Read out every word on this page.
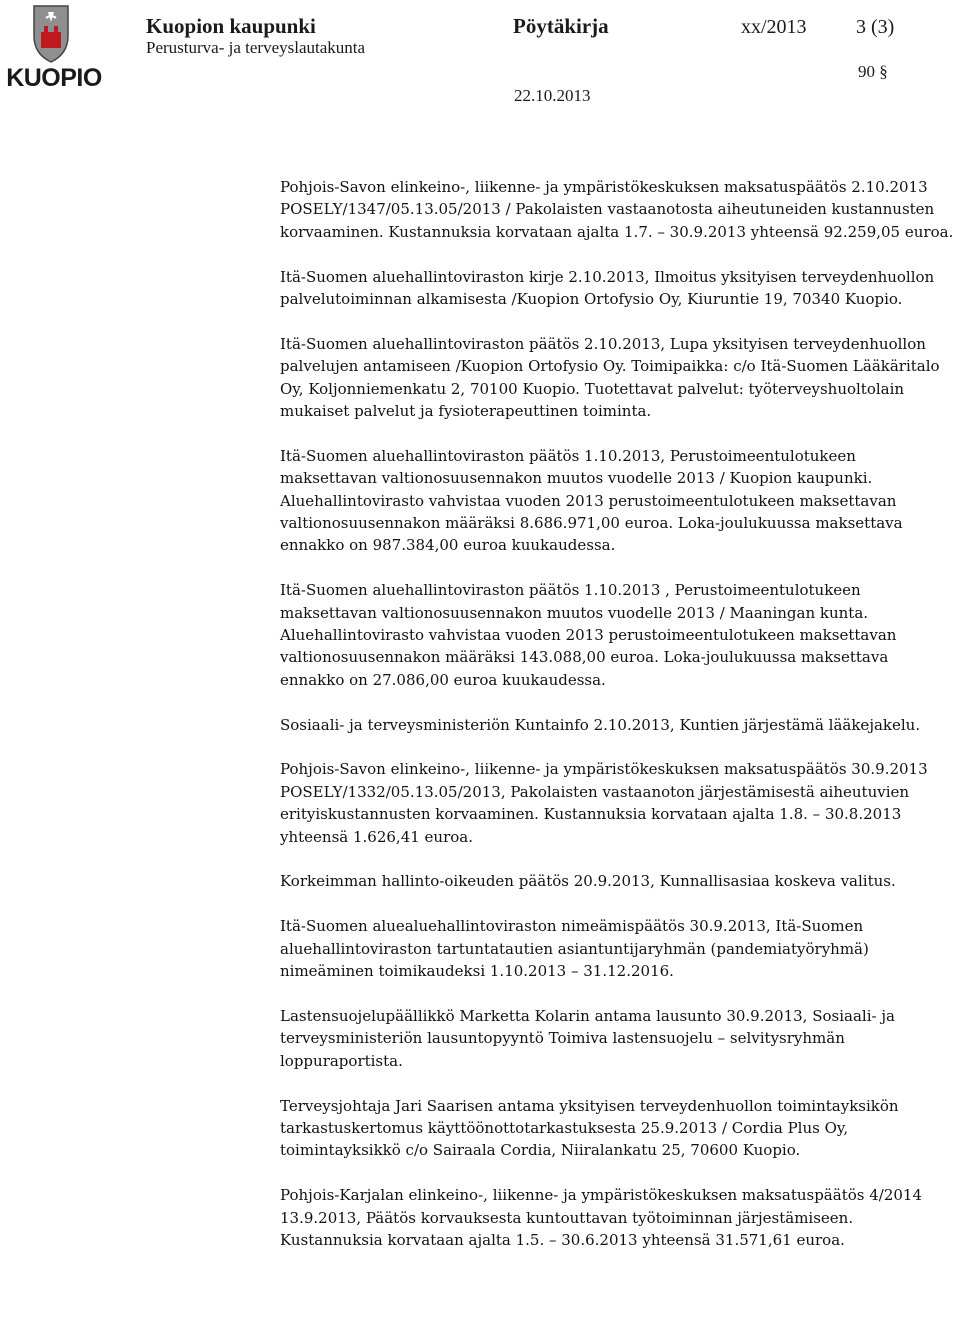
KUOPIO
Kuopion kaupunki
Perusturva- ja terveyslautakunta
Pöytäkirja	xx/2013 3 (3)
90 §
22.10.2013

Pohjois-Savon elinkeino-, liikenne- ja ympäristökeskuksen maksatuspäätös 2.10.2013 POSELY/1347/05.13.05/2013 / Pakolaisten vastaanotosta aiheutuneiden kustannusten korvaaminen. Kustannuksia korvataan ajalta 1.7. – 30.9.2013 yhteensä 92.259,05 euroa.

Itä-Suomen aluehallintoviraston kirje 2.10.2013, Ilmoitus yksityisen terveydenhuollon palvelutoiminnan alkamisesta /Kuopion Ortofysio Oy, Kiuruntie 19, 70340 Kuopio.

Itä-Suomen aluehallintoviraston päätös 2.10.2013, Lupa yksityisen terveydenhuollon palvelujen antamiseen /Kuopion Ortofysio Oy. Toimipaikka: c/o Itä-Suomen Lääkäritalo Oy, Koljonniemenkatu 2, 70100 Kuopio. Tuotettavat palvelut: työterveyshuoltolain mukaiset palvelut ja fysioterapeuttinen toiminta.

Itä-Suomen aluehallintoviraston päätös 1.10.2013, Perustoimeentulotukeen maksettavan valtionosuusennakon muutos vuodelle 2013 / Kuopion kaupunki. Aluehallintovirasto vahvistaa vuoden 2013 perustoimeentulotukeen maksettavan valtionosuusennakon määräksi 8.686.971,00 euroa. Loka-joulukuussa maksettava ennakko on 987.384,00 euroa kuukaudessa.

Itä-Suomen aluehallintoviraston päätös 1.10.2013 , Perustoimeentulotukeen maksettavan valtionosuusennakon muutos vuodelle 2013 / Maaningan kunta. Aluehallintovirasto vahvistaa vuoden 2013 perustoimeentulotukeen maksettavan valtionosuusennakon määräksi 143.088,00 euroa. Loka-joulukuussa maksettava ennakko on 27.086,00 euroa kuukaudessa.

Sosiaali- ja terveysministeriön Kuntainfo 2.10.2013, Kuntien järjestämä lääkejakelu.

Pohjois-Savon elinkeino-, liikenne- ja ympäristökeskuksen maksatuspäätös 30.9.2013 POSELY/1332/05.13.05/2013, Pakolaisten vastaanoton järjestämisestä aiheutuvien erityiskustannusten korvaaminen. Kustannuksia korvataan ajalta 1.8. – 30.8.2013 yhteensä 1.626,41 euroa.

Korkeimman hallinto-oikeuden päätös 20.9.2013, Kunnallisasiaa koskeva valitus.

Itä-Suomen aluealuehallintoviraston nimeämispäätös 30.9.2013, Itä-Suomen aluehallintoviraston tartuntatautien asiantuntijaryhmän (pandemiatyöryhmä) nimeäminen toimikaudeksi 1.10.2013 – 31.12.2016.

Lastensuojelupäällikkö Marketta Kolarin antama lausunto 30.9.2013, Sosiaali- ja terveysministeriön lausuntopyyntö Toimiva lastensuojelu – selvitysryhmän loppuraportista.

Terveysjohtaja Jari Saarisen antama yksityisen terveydenhuollon toimintayksikön tarkastuskertomus käyttöönottotarkastuksesta 25.9.2013 / Cordia Plus Oy, toimintayksikkö c/o Sairaala Cordia, Niiralankatu 25, 70600 Kuopio.

Pohjois-Karjalan elinkeino-, liikenne- ja ympäristökeskuksen maksatuspäätös 4/2014 13.9.2013, Päätös korvauksesta kuntouttavan työtoiminnan järjestämiseen. Kustannuksia korvataan ajalta 1.5. – 30.6.2013 yhteensä 31.571,61 euroa.
